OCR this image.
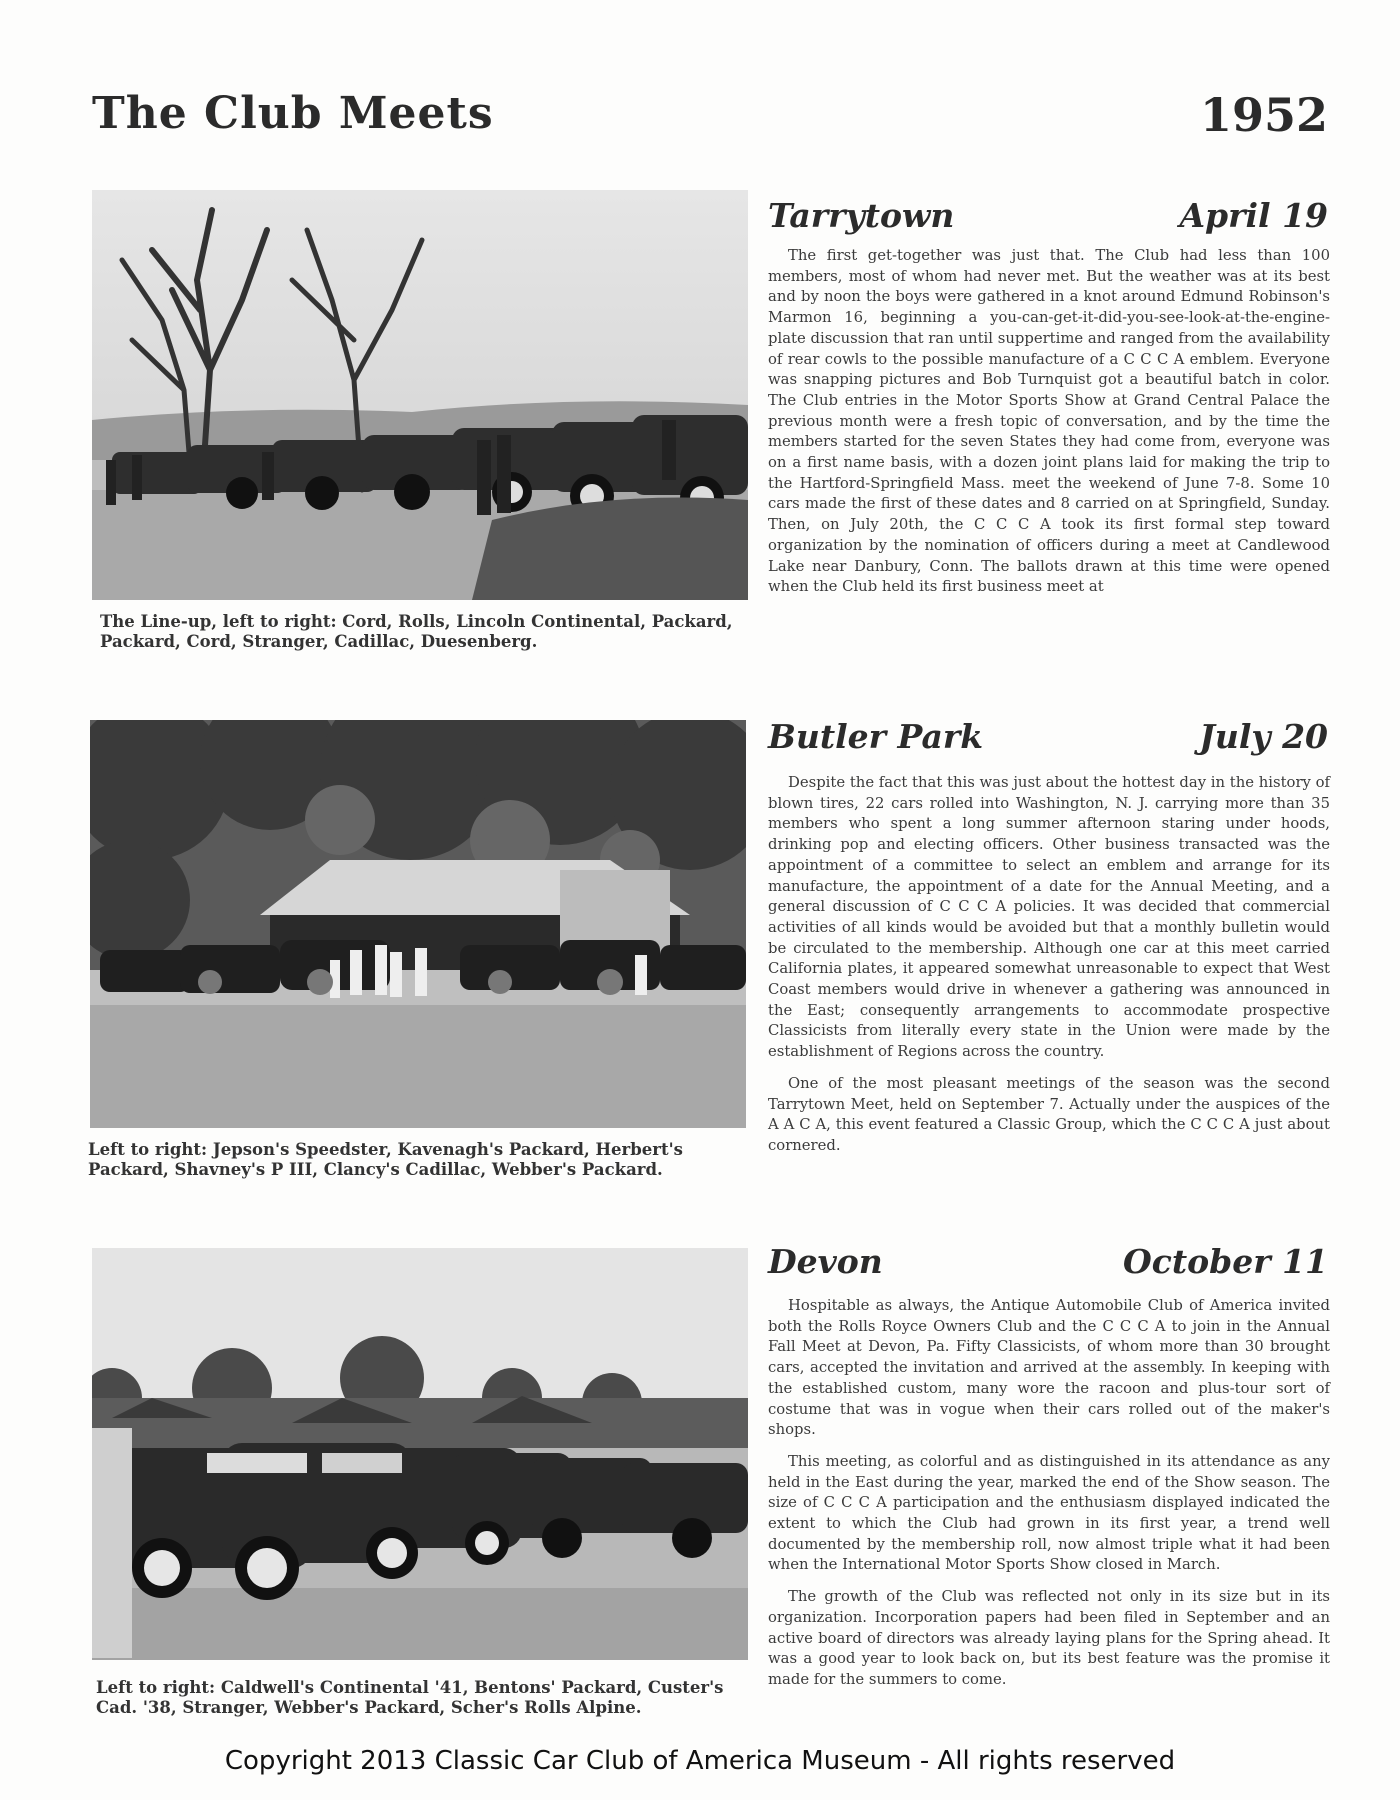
The Club Meets	1952
The Line-up, left to right: Cord, Rolls, Lincoln Continental, Packard, Packard, Cord, Stranger, Cadillac, Duesenberg.
Tarrytown	April 19

The first get-together was just that. The Club had less than 100 members, most of whom had never met. But the weather was at its best and by noon the boys were gathered in a knot around Edmund Robinson's Marmon 16, beginning a you-can-get-it-did-you-see-look-at-the-engine-plate discussion that ran until suppertime and ranged from the availability of rear cowls to the possible manufacture of a C C C A emblem. Everyone was snapping pictures and Bob Turnquist got a beautiful batch in color. The Club entries in the Motor Sports Show at Grand Central Palace the previous month were a fresh topic of conversation, and by the time the members started for the seven States they had come from, everyone was on a first name basis, with a dozen joint plans laid for making the trip to the Hartford-Springfield Mass. meet the weekend of June 7-8. Some 10 cars made the first of these dates and 8 carried on at Springfield, Sunday. Then, on July 20th, the C C C A took its first formal step toward organization by the nomination of officers during a meet at Candlewood Lake near Danbury, Conn. The ballots drawn at this time were opened when the Club held its first business meet at

Left to right: Jepson's Speedster, Kavenagh's Packard, Herbert's Packard, Shavney's P III, Clancy's Cadillac, Webber's Packard.
Butler Park	July 20

Despite the fact that this was just about the hottest day in the history of blown tires, 22 cars rolled into Washington, N. J. carrying more than 35 members who spent a long summer afternoon staring under hoods, drinking pop and electing officers. Other business transacted was the appointment of a committee to select an emblem and arrange for its manufacture, the appointment of a date for the Annual Meeting, and a general discussion of C C C A policies. It was decided that commercial activities of all kinds would be avoided but that a monthly bulletin would be circulated to the membership. Although one car at this meet carried California plates, it appeared somewhat unreasonable to expect that West Coast members would drive in whenever a gathering was announced in the East; consequently arrangements to accommodate prospective Classicists from literally every state in the Union were made by the establishment of Regions across the country.

One of the most pleasant meetings of the season was the second Tarrytown Meet, held on September 7. Actually under the auspices of the A A C A, this event featured a Classic Group, which the C C C A just about cornered.

Left to right: Caldwell's Continental '41, Bentons' Packard, Custer's Cad. '38, Stranger, Webber's Packard, Scher's Rolls Alpine.
Devon	October 11

Hospitable as always, the Antique Automobile Club of America invited both the Rolls Royce Owners Club and the C C C A to join in the Annual Fall Meet at Devon, Pa. Fifty Classicists, of whom more than 30 brought cars, accepted the invitation and arrived at the assembly. In keeping with the established custom, many wore the racoon and plus-tour sort of costume that was in vogue when their cars rolled out of the maker's shops.

This meeting, as colorful and as distinguished in its attendance as any held in the East during the year, marked the end of the Show season. The size of C C C A participation and the enthusiasm displayed indicated the extent to which the Club had grown in its first year, a trend well documented by the membership roll, now almost triple what it had been when the International Motor Sports Show closed in March.

The growth of the Club was reflected not only in its size but in its organization. Incorporation papers had been filed in September and an active board of directors was already laying plans for the Spring ahead. It was a good year to look back on, but its best feature was the promise it made for the summers to come.

Copyright 2013 Classic Car Club of America Museum - All rights reserved
